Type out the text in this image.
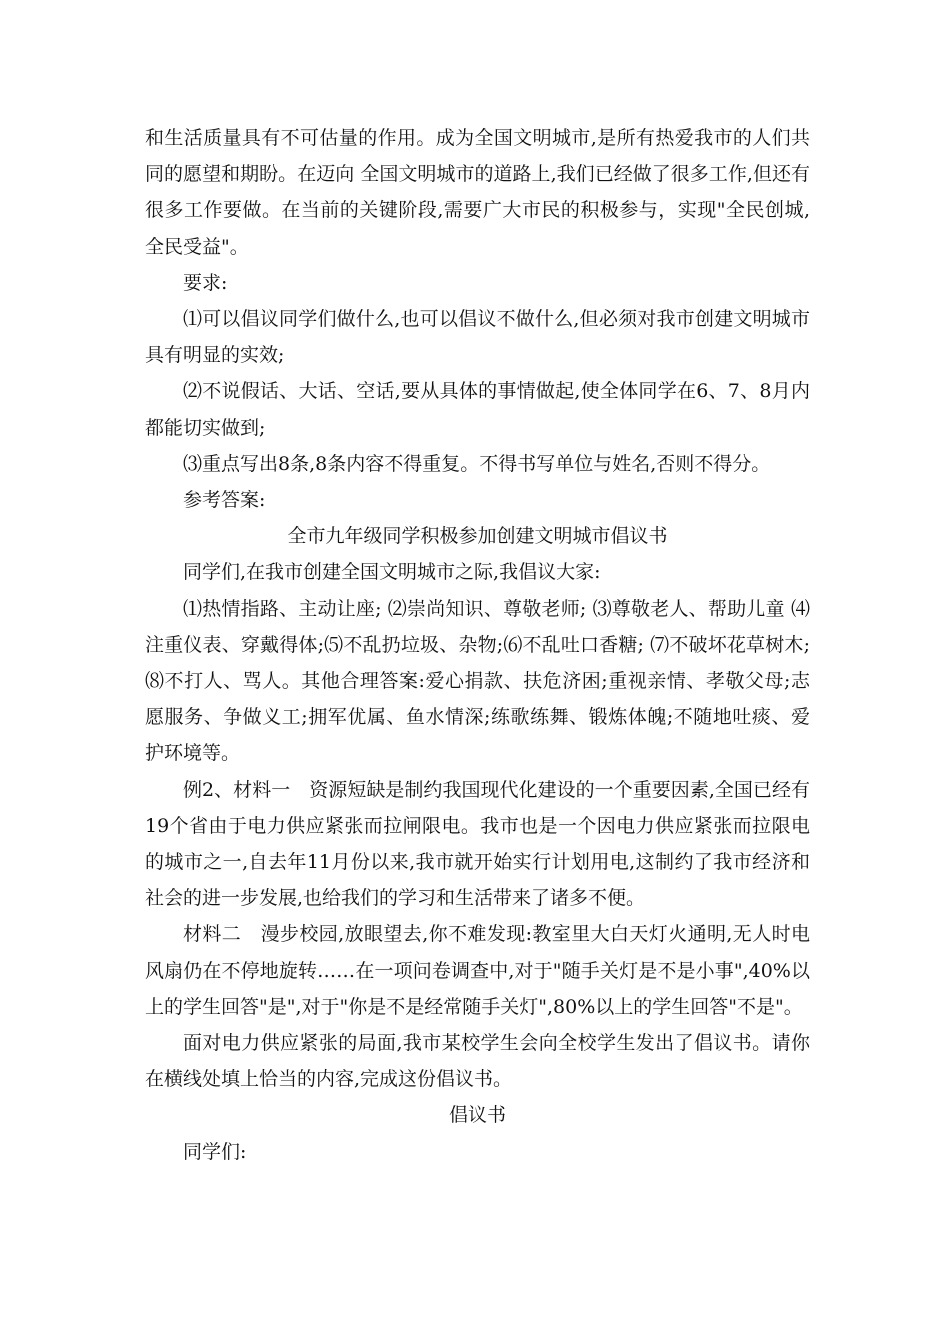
和生活质量具有不可估量的作用。成为全国文明城市,是所有热爱我市的人们共同的愿望和期盼。在迈向 全国文明城市的道路上,我们已经做了很多工作,但还有很多工作要做。在当前的关键阶段,需要广大市民的积极参与，实现"全民创城,全民受益"。

要求:

⑴可以倡议同学们做什么,也可以倡议不做什么,但必须对我市创建文明城市具有明显的实效;

⑵不说假话、大话、空话,要从具体的事情做起,使全体同学在6、7、8月内都能切实做到;

⑶重点写出8条,8条内容不得重复。不得书写单位与姓名,否则不得分。

参考答案:

全市九年级同学积极参加创建文明城市倡议书

同学们,在我市创建全国文明城市之际,我倡议大家:

⑴热情指路、主动让座; ⑵崇尚知识、尊敬老师; ⑶尊敬老人、帮助儿童 ⑷注重仪表、穿戴得体;⑸不乱扔垃圾、杂物;⑹不乱吐口香糖; ⑺不破坏花草树木; ⑻不打人、骂人。其他合理答案:爱心捐款、扶危济困;重视亲情、孝敬父母;志愿服务、争做义工;拥军优属、鱼水情深;练歌练舞、锻炼体魄;不随地吐痰、爱护环境等。

例2、材料一　资源短缺是制约我国现代化建设的一个重要因素,全国已经有19个省由于电力供应紧张而拉闸限电。我市也是一个因电力供应紧张而拉限电的城市之一,自去年11月份以来,我市就开始实行计划用电,这制约了我市经济和社会的进一步发展,也给我们的学习和生活带来了诸多不便。

材料二　漫步校园,放眼望去,你不难发现:教室里大白天灯火通明,无人时电风扇仍在不停地旋转……在一项问卷调查中,对于"随手关灯是不是小事",40%以上的学生回答"是",对于"你是不是经常随手关灯",80%以上的学生回答"不是"。

面对电力供应紧张的局面,我市某校学生会向全校学生发出了倡议书。请你在横线处填上恰当的内容,完成这份倡议书。

倡议书

同学们:
